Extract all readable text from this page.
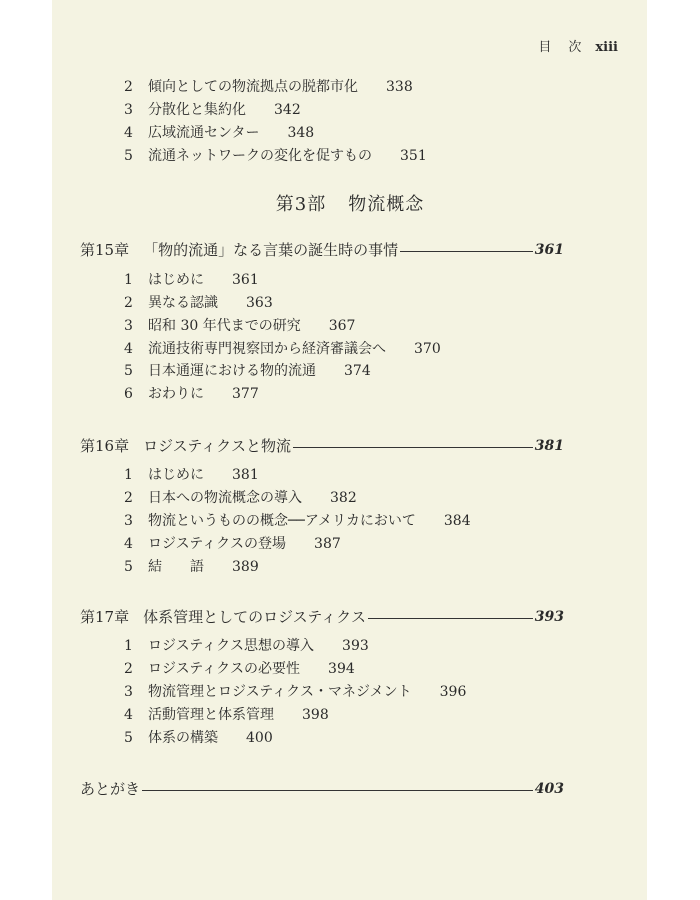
目　次 xiii
2 傾向としての物流拠点の脱都市化 338
3 分散化と集約化 342
4 広域流通センター 348
5 流通ネットワークの変化を促すもの 351
第3部 物流概念
第15章 「物的流通」なる言葉の誕生時の事情	361
1 はじめに 361
2 異なる認識 363
3 昭和 30 年代までの研究 367
4 流通技術専門視察団から経済審議会へ 370
5 日本通運における物的流通 374
6 おわりに 377
第16章 ロジスティクスと物流	381
1 はじめに 381
2 日本への物流概念の導入 382
3 物流というものの概念──アメリカにおいて 384
4 ロジスティクスの登場 387
5 結　　語 389
第17章 体系管理としてのロジスティクス	393
1 ロジスティクス思想の導入 393
2 ロジスティクスの必要性 394
3 物流管理とロジスティクス・マネジメント 396
4 活動管理と体系管理 398
5 体系の構築 400
あとがき	403
